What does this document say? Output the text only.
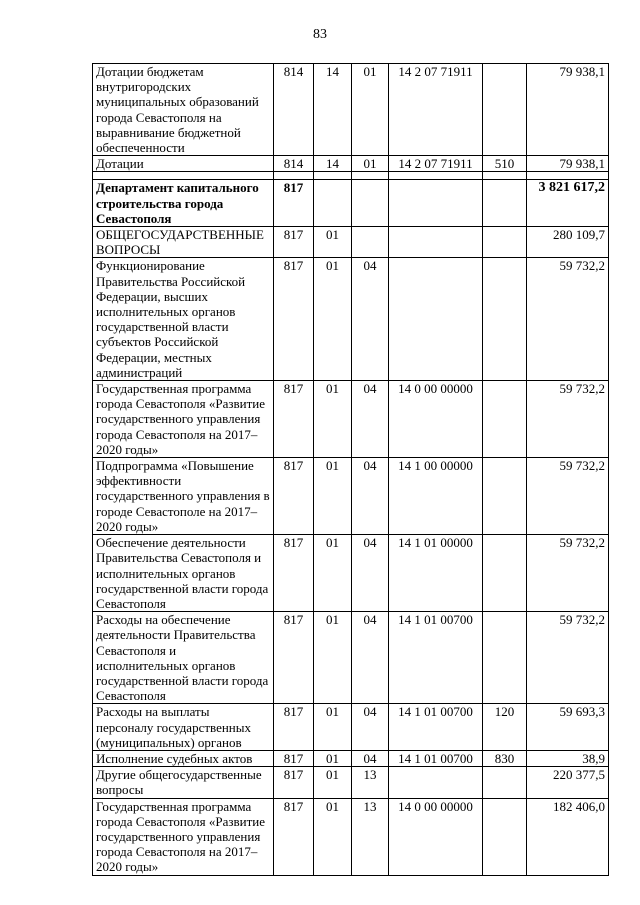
83
Дотации бюджетам внутригородских муниципальных образований города Севастополя на выравнивание бюджетной обеспеченности	814	14	01	14 2 07 71911		79 938,1
Дотации	814	14	01	14 2 07 71911	510	79 938,1

Департамент капитального строительства города Севастополя	817					3 821 617,2
ОБЩЕГОСУДАРСТВЕННЫЕ ВОПРОСЫ	817	01				280 109,7
Функционирование Правительства Российской Федерации, высших исполнительных органов государственной власти субъектов Российской Федерации, местных администраций	817	01	04			59 732,2
Государственная программа города Севастополя «Развитие государственного управления города Севастополя на 2017–2020 годы»	817	01	04	14 0 00 00000		59 732,2
Подпрограмма «Повышение эффективности государственного управления в городе Севастополе на 2017–2020 годы»	817	01	04	14 1 00 00000		59 732,2
Обеспечение деятельности Правительства Севастополя и исполнительных органов государственной власти города Севастополя	817	01	04	14 1 01 00000		59 732,2
Расходы на обеспечение деятельности Правительства Севастополя и исполнительных органов государственной власти города Севастополя	817	01	04	14 1 01 00700		59 732,2
Расходы на выплаты персоналу государственных (муниципальных) органов	817	01	04	14 1 01 00700	120	59 693,3
Исполнение судебных актов	817	01	04	14 1 01 00700	830	38,9
Другие общегосударственные вопросы	817	01	13			220 377,5
Государственная программа города Севастополя «Развитие государственного управления города Севастополя на 2017–2020 годы»	817	01	13	14 0 00 00000		182 406,0
